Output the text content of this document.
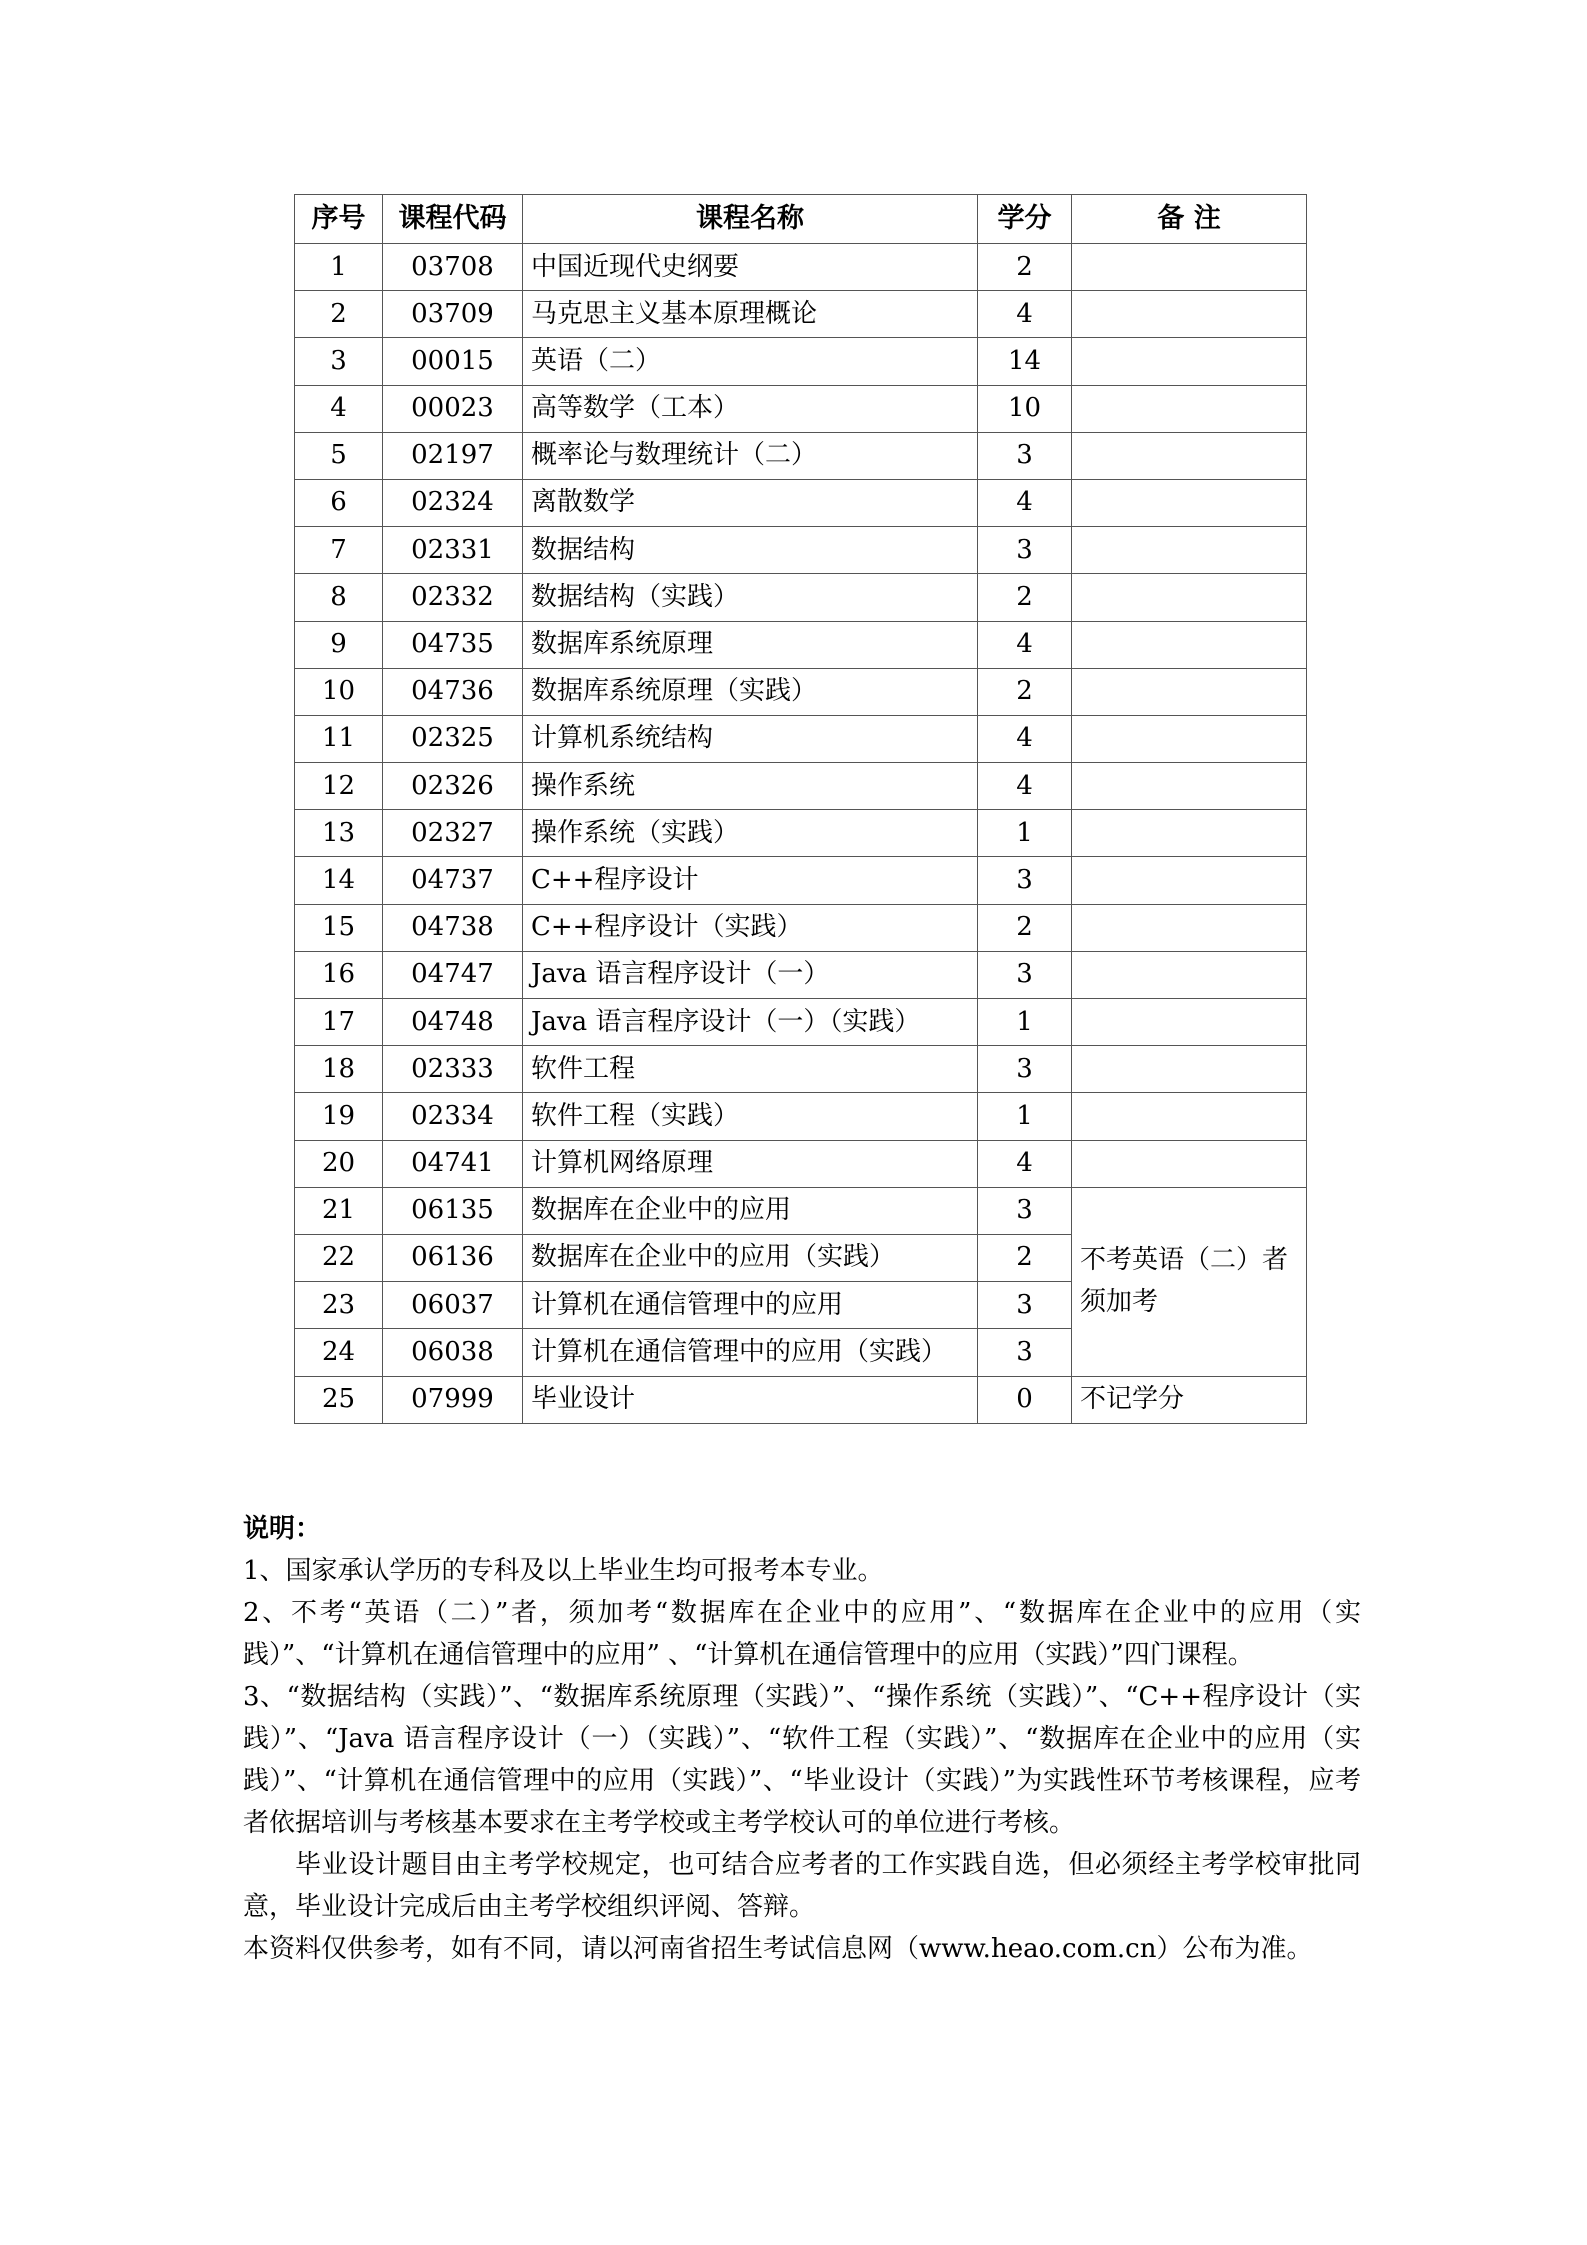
序号	课程代码	课程名称	学分	备 注
1	03708	中国近现代史纲要	2	
2	03709	马克思主义基本原理概论	4	
3	00015	英语（二）	14	
4	00023	高等数学（工本）	10	
5	02197	概率论与数理统计（二）	3	
6	02324	离散数学	4	
7	02331	数据结构	3	
8	02332	数据结构（实践）	2	
9	04735	数据库系统原理	4	
10	04736	数据库系统原理（实践）	2	
11	02325	计算机系统结构	4	
12	02326	操作系统	4	
13	02327	操作系统（实践）	1	
14	04737	C++程序设计	3	
15	04738	C++程序设计（实践）	2	
16	04747	Java 语言程序设计（一）	3	
17	04748	Java 语言程序设计（一）（实践）	1	
18	02333	软件工程	3	
19	02334	软件工程（实践）	1	
20	04741	计算机网络原理	4	
21	06135	数据库在企业中的应用	3	不考英语（二）者须加考
22	06136	数据库在企业中的应用（实践）	2	
23	06037	计算机在通信管理中的应用	3	
24	06038	计算机在通信管理中的应用（实践）	3	
25	07999	毕业设计	0	不记学分

说明：

1、国家承认学历的专科及以上毕业生均可报考本专业。

2、不考“英语（二）”者，须加考“数据库在企业中的应用”、“数据库在企业中的应用（实践）”、“计算机在通信管理中的应用” 、“计算机在通信管理中的应用（实践）”四门课程。

3、“数据结构（实践）”、“数据库系统原理（实践）”、“操作系统（实践）”、“C++程序设计（实践）”、“Java 语言程序设计（一）（实践）”、“软件工程（实践）”、“数据库在企业中的应用（实践）”、“计算机在通信管理中的应用（实践）”、“毕业设计（实践）”为实践性环节考核课程，应考者依据培训与考核基本要求在主考学校或主考学校认可的单位进行考核。

毕业设计题目由主考学校规定，也可结合应考者的工作实践自选，但必须经主考学校审批同意，毕业设计完成后由主考学校组织评阅、答辩。

本资料仅供参考，如有不同，请以河南省招生考试信息网（www.heao.com.cn）公布为准。
